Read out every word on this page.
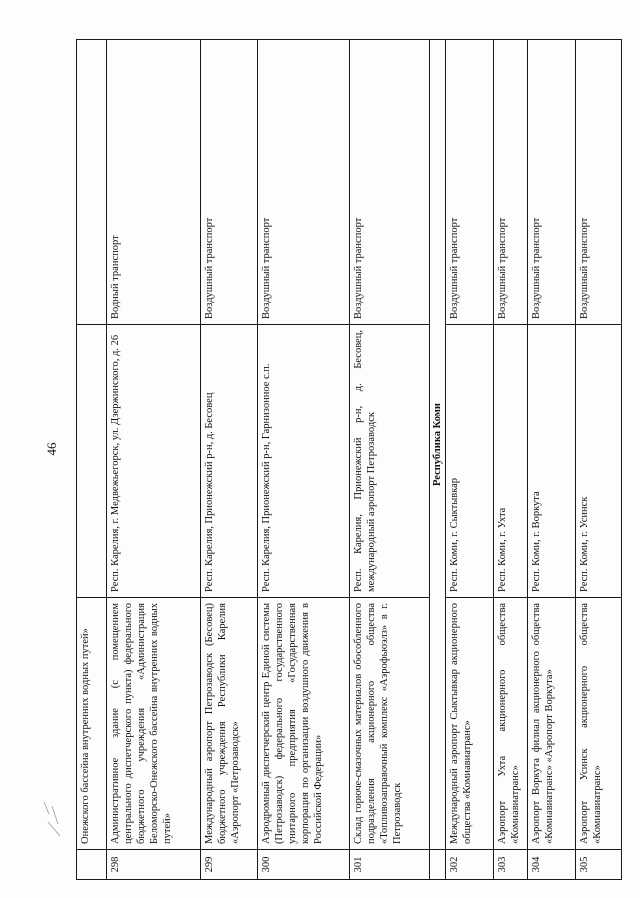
46
	Онежского бассейна внутренних водных путей»		
298	Административное здание (с помещением центрального диспетчерского пункта) федерального бюджетного учреждения «Администрация Беломорско-Онежского бассейна внутренних водных путей»	Респ. Карелия, г. Медвежьегорск, ул. Дзержинского, д. 26	Водный транспорт
299	Международный аэропорт Петрозаводск (Бесовец) бюджетного учреждения Республики Карелия «Аэропорт «Петрозаводск»	Респ. Карелия, Прионежский р-н, д. Бесовец	Воздушный транспорт
300	Аэродромный диспетчерский центр Единой системы (Петрозаводск) федерального государственного унитарного предприятия «Государственная корпорация по организации воздушного движения в Российской Федерации»	Респ. Карелия, Прионежский р-н, Гарнизонное с.п.	Воздушный транспорт
301	Склад горюче-смазочных материалов обособленного подразделения акционерного общества «Топливозаправочный комплекс «Аэрофьюэлз» в г. Петрозаводск	Респ. Карелия, Прионежский р-н, д. Бесовец, международный аэропорт Петрозаводск	Воздушный транспорт
	Республика Коми		
302	Международный аэропорт Сыктывкар акционерного общества «Комиавиатранс»	Респ. Коми, г. Сыктывкар	Воздушный транспорт
303	Аэропорт Ухта акционерного общества «Комиавиатранс»	Респ. Коми, г. Ухта	Воздушный транспорт
304	Аэропорт Воркута филиал акционерного общества «Комиавиатранс» «Аэропорт Воркута»	Респ. Коми, г. Воркута	Воздушный транспорт
305	Аэропорт Усинск акционерного общества «Комиавиатранс»	Респ. Коми, г. Усинск	Воздушный транспорт
